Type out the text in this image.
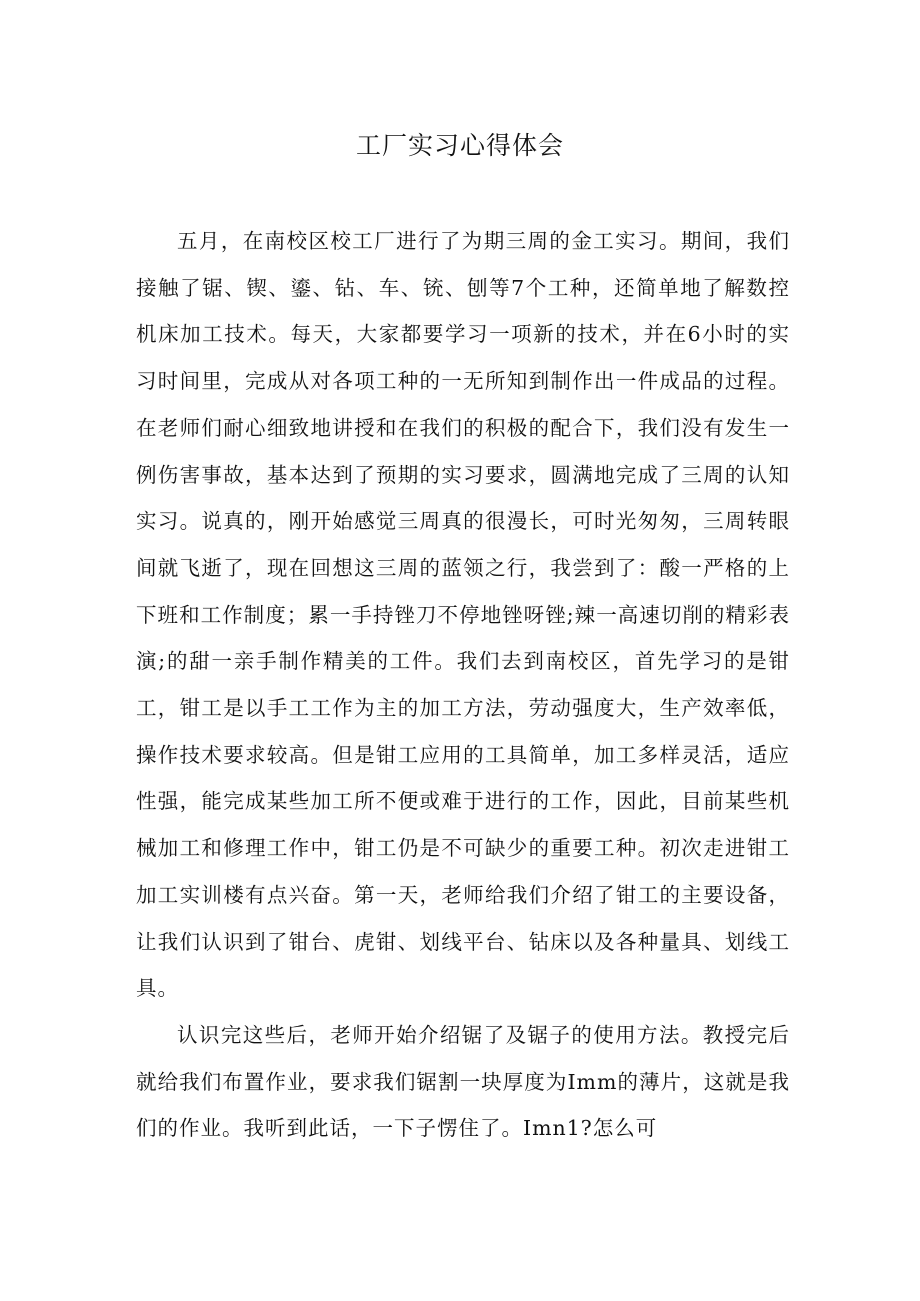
工厂实习心得体会

五月，在南校区校工厂进行了为期三周的金工实习。期间，我们接触了锯、锲、鎏、钻、车、铳、刨等7个工种，还简单地了解数控机床加工技术。每天，大家都要学习一项新的技术，并在6小时的实习时间里，完成从对各项工种的一无所知到制作出一件成品的过程。在老师们耐心细致地讲授和在我们的积极的配合下，我们没有发生一例伤害事故，基本达到了预期的实习要求，圆满地完成了三周的认知实习。说真的，刚开始感觉三周真的很漫长，可时光匆匆，三周转眼间就飞逝了，现在回想这三周的蓝领之行，我尝到了：酸一严格的上下班和工作制度；累一手持锉刀不停地锉呀锉;辣一高速切削的精彩表演;的甜一亲手制作精美的工件。我们去到南校区，首先学习的是钳工，钳工是以手工工作为主的加工方法，劳动强度大，生产效率低，操作技术要求较高。但是钳工应用的工具简单，加工多样灵活，适应性强，能完成某些加工所不便或难于进行的工作，因此，目前某些机械加工和修理工作中，钳工仍是不可缺少的重要工种。初次走进钳工加工实训楼有点兴奋。第一天，老师给我们介绍了钳工的主要设备，让我们认识到了钳台、虎钳、划线平台、钻床以及各种量具、划线工具。

认识完这些后，老师开始介绍锯了及锯子的使用方法。教授完后就给我们布置作业，要求我们锯割一块厚度为Imm的薄片，这就是我们的作业。我听到此话，一下子愣住了。Imn1?怎么可
